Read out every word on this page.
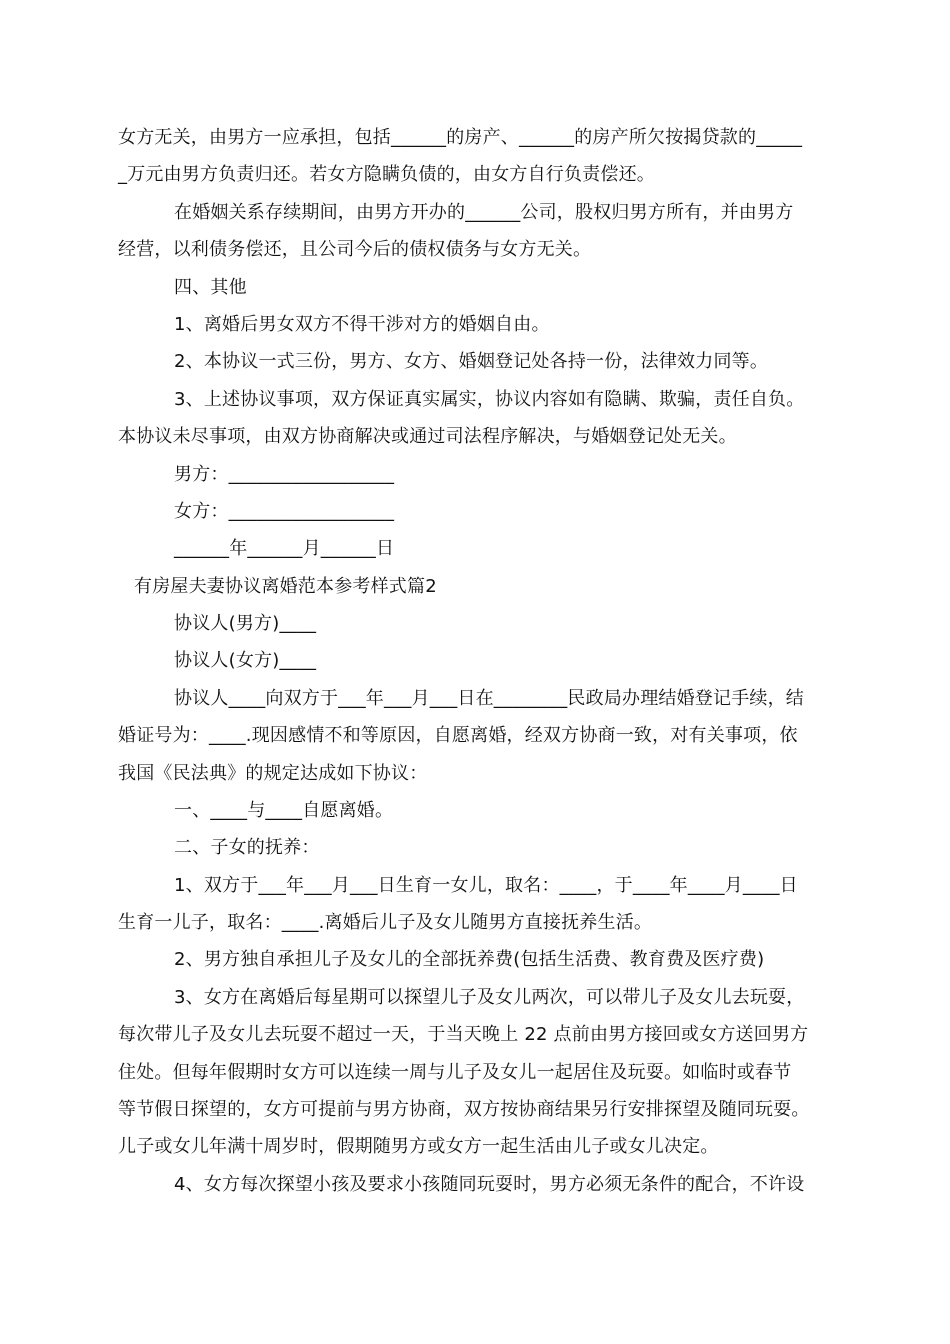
女方无关，由男方一应承担，包括______的房产、______的房产所欠按揭贷款的_____
_万元由男方负责归还。若女方隐瞒负债的，由女方自行负责偿还。
在婚姻关系存续期间，由男方开办的______公司，股权归男方所有，并由男方
经营，以利债务偿还，且公司今后的债权债务与女方无关。
四、其他
1、离婚后男女双方不得干涉对方的婚姻自由。
2、本协议一式三份，男方、女方、婚姻登记处各持一份，法律效力同等。
3、上述协议事项，双方保证真实属实，协议内容如有隐瞒、欺骗，责任自负。
本协议未尽事项，由双方协商解决或通过司法程序解决，与婚姻登记处无关。
男方：__________________
女方：__________________
______年______月______日
有房屋夫妻协议离婚范本参考样式篇2
协议人(男方)____
协议人(女方)____
协议人____向双方于___年___月___日在________民政局办理结婚登记手续，结
婚证号为：____.现因感情不和等原因，自愿离婚，经双方协商一致，对有关事项，依
我国《民法典》的规定达成如下协议：
一、____与____自愿离婚。
二、子女的抚养：
1、双方于___年___月___日生育一女儿，取名：____，于____年____月____日
生育一儿子，取名：____.离婚后儿子及女儿随男方直接抚养生活。
2、男方独自承担儿子及女儿的全部抚养费(包括生活费、教育费及医疗费)
3、女方在离婚后每星期可以探望儿子及女儿两次，可以带儿子及女儿去玩耍，
每次带儿子及女儿去玩耍不超过一天，于当天晚上 22 点前由男方接回或女方送回男方
住处。但每年假期时女方可以连续一周与儿子及女儿一起居住及玩耍。如临时或春节
等节假日探望的，女方可提前与男方协商，双方按协商结果另行安排探望及随同玩耍。
儿子或女儿年满十周岁时，假期随男方或女方一起生活由儿子或女儿决定。
4、女方每次探望小孩及要求小孩随同玩耍时，男方必须无条件的配合，不许设
